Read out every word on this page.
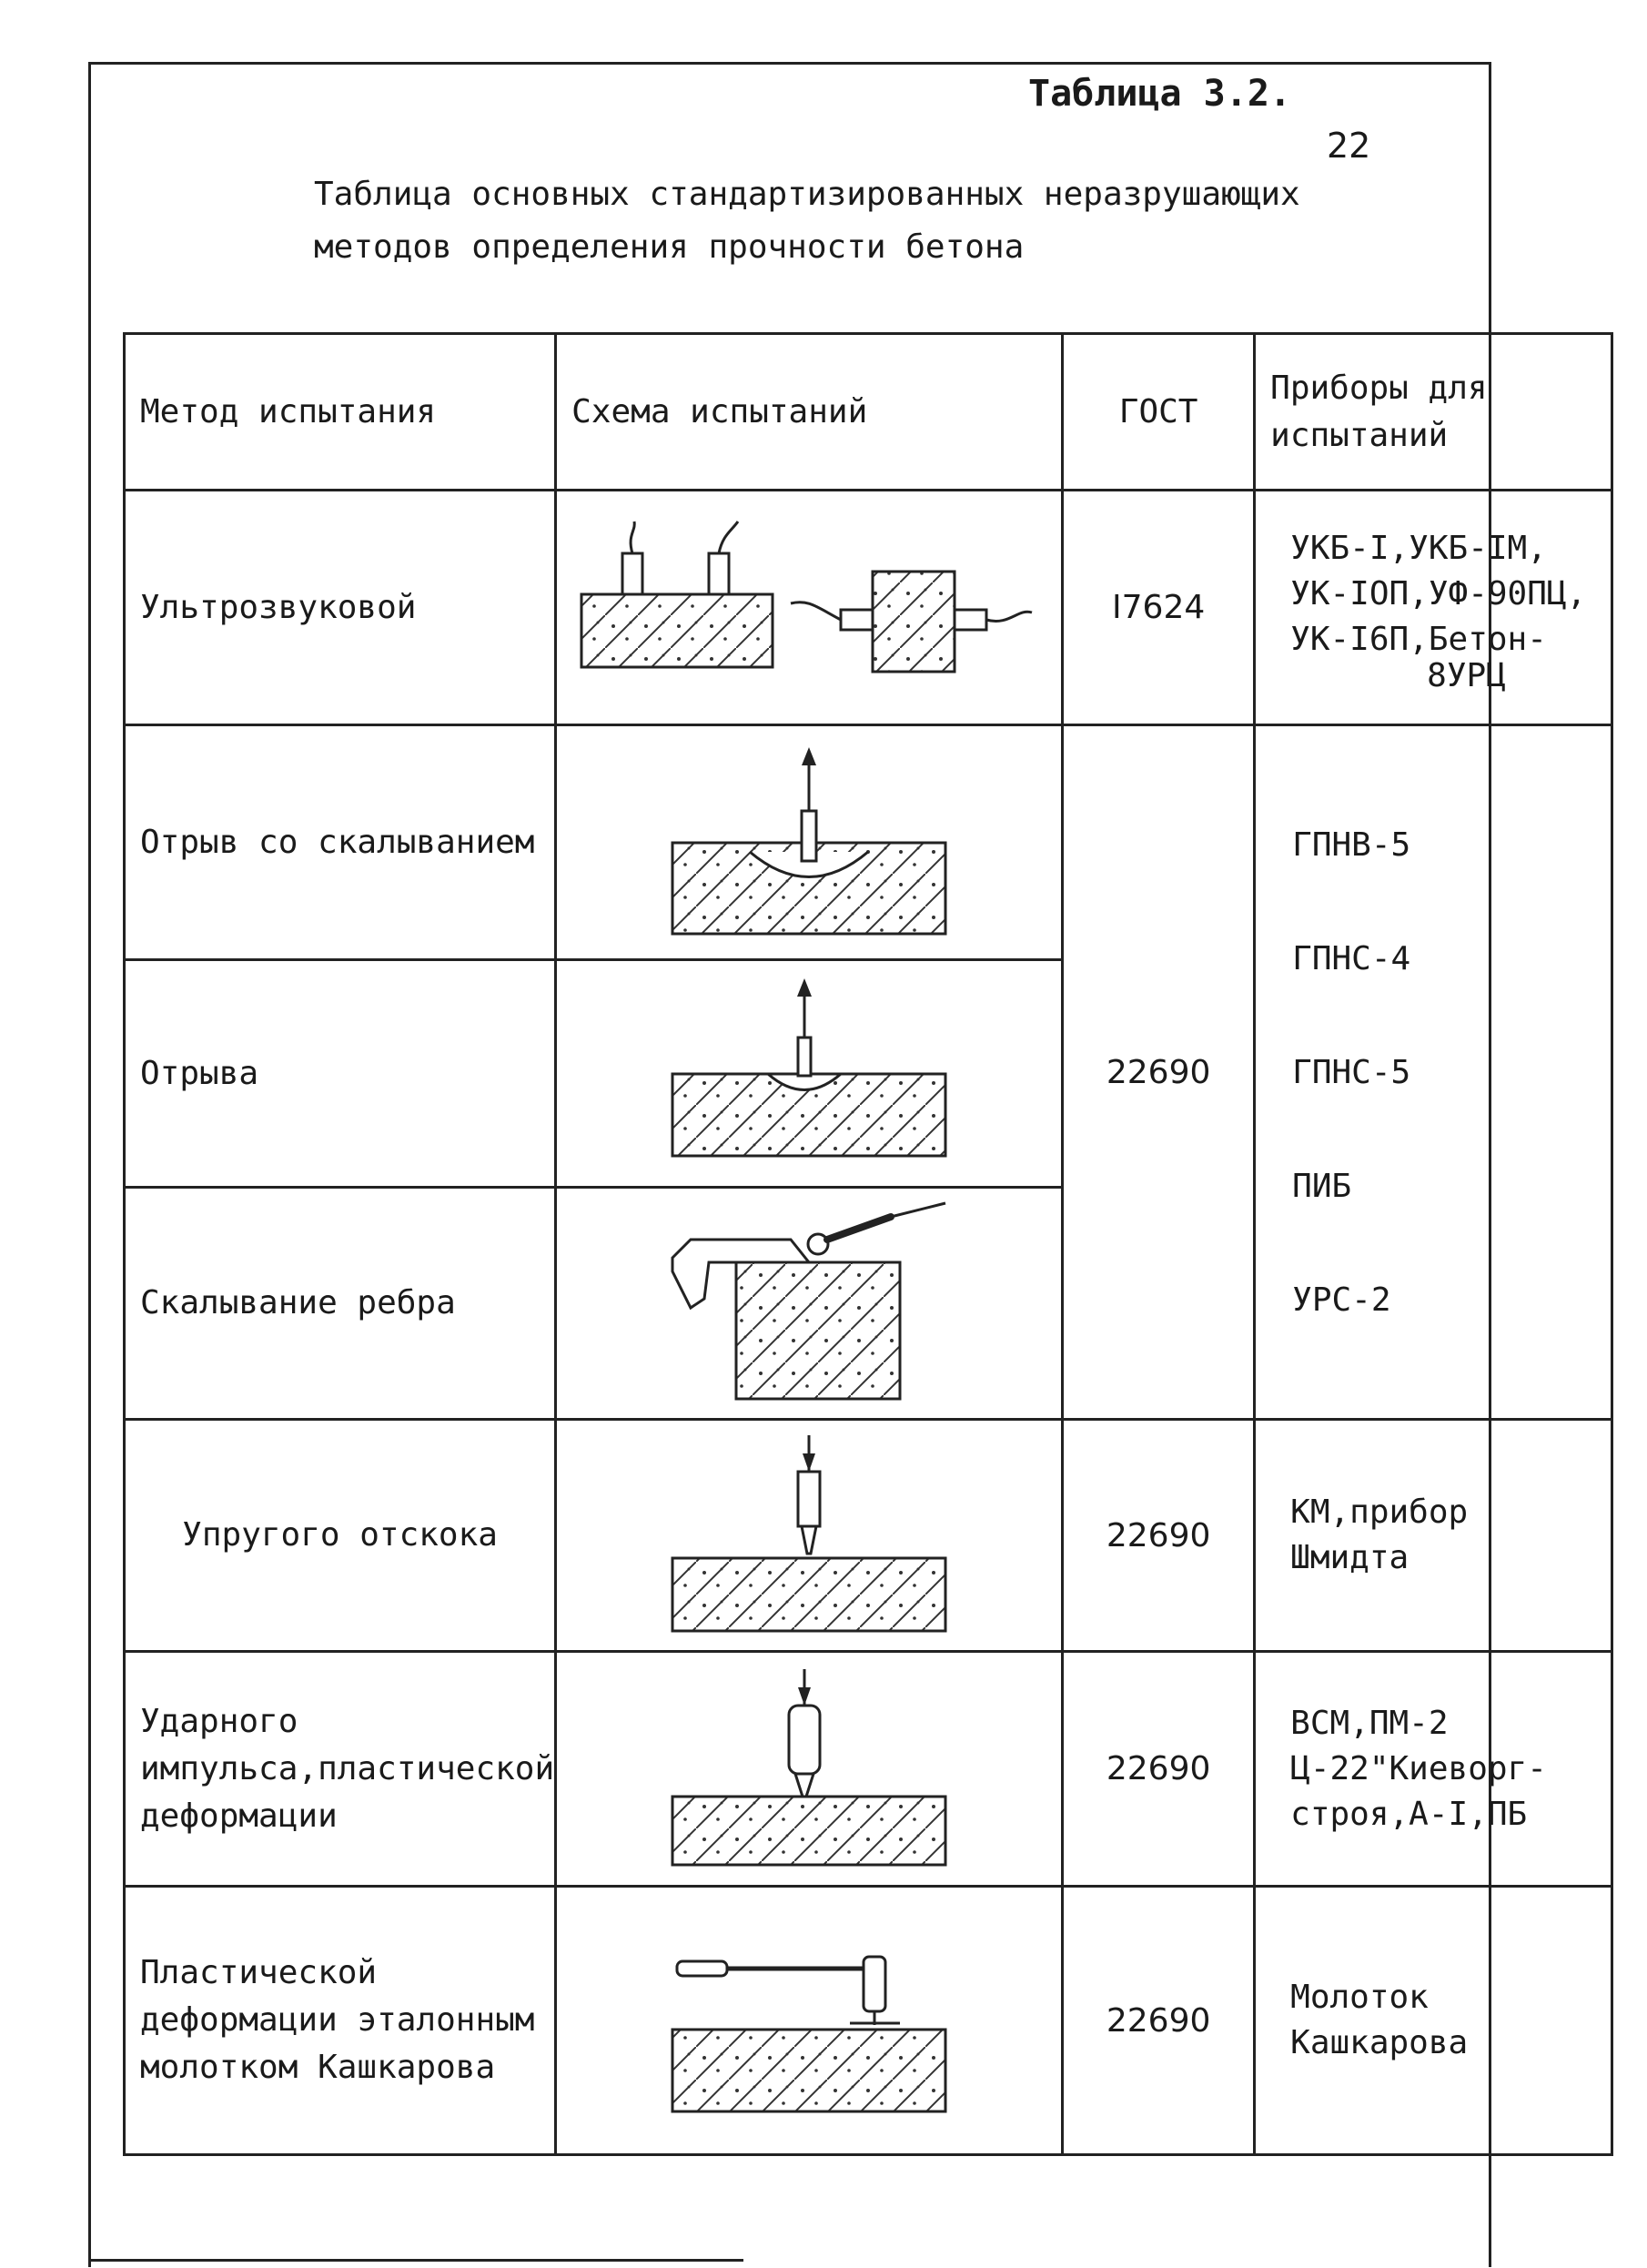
Таблица 3.2.
22
Таблица основных стандартизированных неразрушающих
методов определения прочности бетона
Метод испытания	Схема испытаний	ГОСТ	Приборы для испытаний
Ультрозвуковой		I7624	УКБ-I,УКБ-IМ,
УК-IОП,УФ-90ПЦ,
УК-I6П,Бетон-
8УРЦ

Отрыв со скалыванием		22690	ГПНВ-5
ГПНС-4
ГПНС-5
ПИБ
УРС-2

Отрыва	

Скалывание ребра	

Упругого отскока		22690	КМ,прибор
Шмидта

Ударного импульса,пластической деформации		22690	ВСМ,ПМ-2
Ц-22"Киеворг-
строя,А-I,ПБ

Пластической деформации эталонным молотком Кашкарова		22690	Молоток
Кашкарова
